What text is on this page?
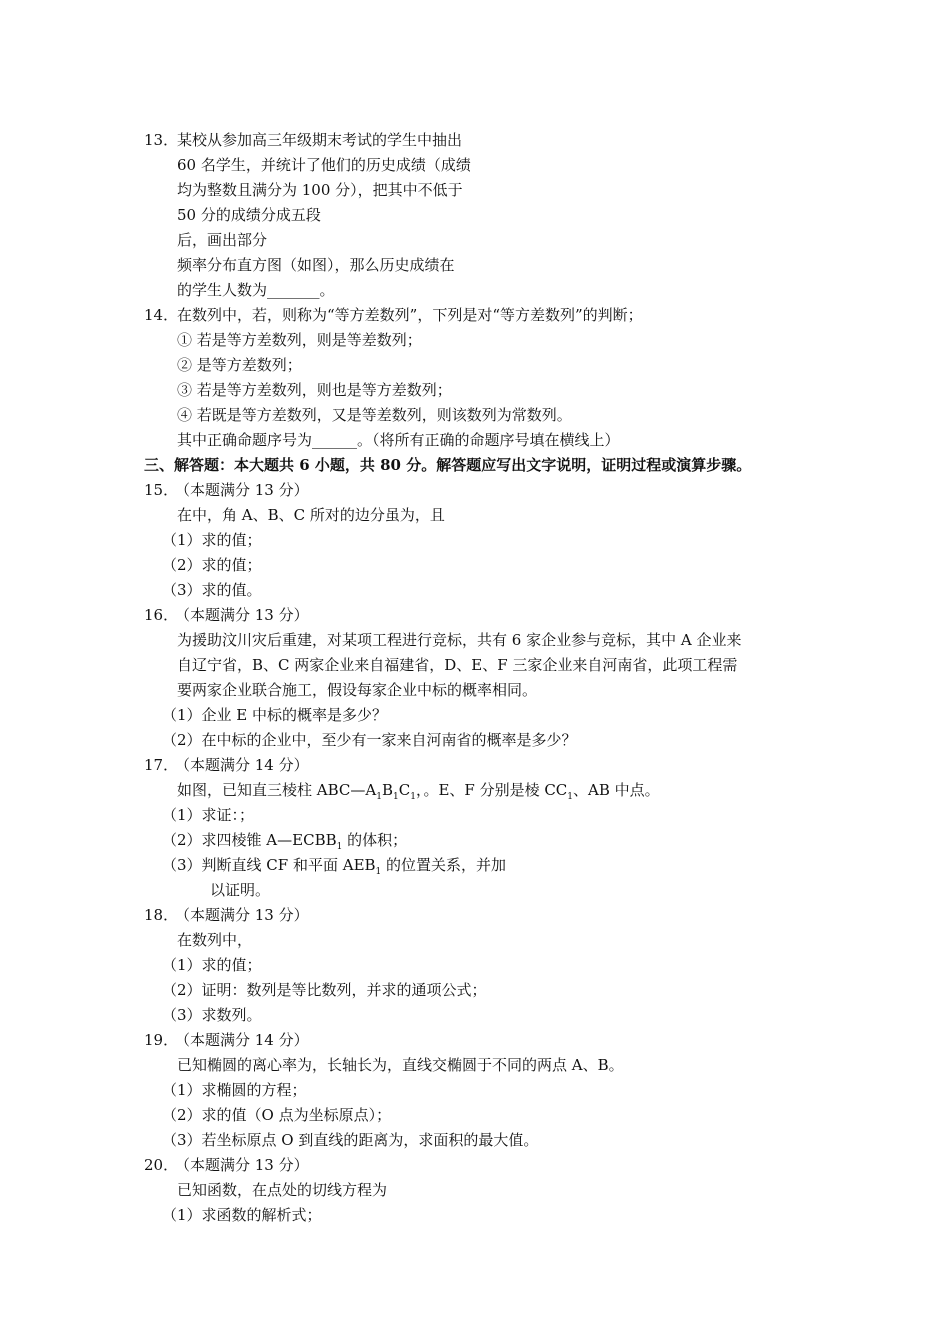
13．
某校从参加高三年级期末考试的学生中抽出
60 名学生，并统计了他们的历史成绩（成绩
均为整数且满分为 100 分），把其中不低于
50 分的成绩分成五段
后，画出部分
频率分布直方图（如图），那么历史成绩在
的学生人数为_______。
14．
在数列中，若，则称为“等方差数列”，下列是对“等方差数列”的判断；
① 若是等方差数列，则是等差数列；
② 是等方差数列；
③ 若是等方差数列，则也是等方差数列；
④ 若既是等方差数列，又是等差数列，则该数列为常数列。
其中正确命题序号为______。（将所有正确的命题序号填在横线上）
三、解答题：本大题共 6 小题，共 80 分。解答题应写出文字说明，证明过程或演算步骤。
15．
（本题满分 13 分）
在中，角 A、B、C 所对的边分虽为，且
（1）求的值；
（2）求的值；
（3）求的值。
16．
（本题满分 13 分）
为援助汶川灾后重建，对某项工程进行竞标，共有 6 家企业参与竞标，其中 A 企业来
自辽宁省，B、C 两家企业来自福建省，D、E、F 三家企业来自河南省，此项工程需
要两家企业联合施工，假设每家企业中标的概率相同。
（1）企业 E 中标的概率是多少？
（2）在中标的企业中，至少有一家来自河南省的概率是多少？
17．
（本题满分 14 分）
如图，已知直三棱柱 $ABC—A_1B_1C_1$，。E、F 分别是棱 $CC_1$、AB 中点。
（1）求证：；
（2）求四棱锥 $A—ECBB_1$ 的体积；
（3）判断直线 CF 和平面 $AEB_1$ 的位置关系，并加
以证明。
18．
（本题满分 13 分）
在数列中，
（1）求的值；
（2）证明：数列是等比数列，并求的通项公式；
（3）求数列。
19．
（本题满分 14 分）
已知椭圆的离心率为，长轴长为，直线交椭圆于不同的两点 A、B。
（1）求椭圆的方程；
（2）求的值（O 点为坐标原点）；
（3）若坐标原点 O 到直线的距离为，求面积的最大值。
20．
（本题满分 13 分）
已知函数，在点处的切线方程为
（1）求函数的解析式；
